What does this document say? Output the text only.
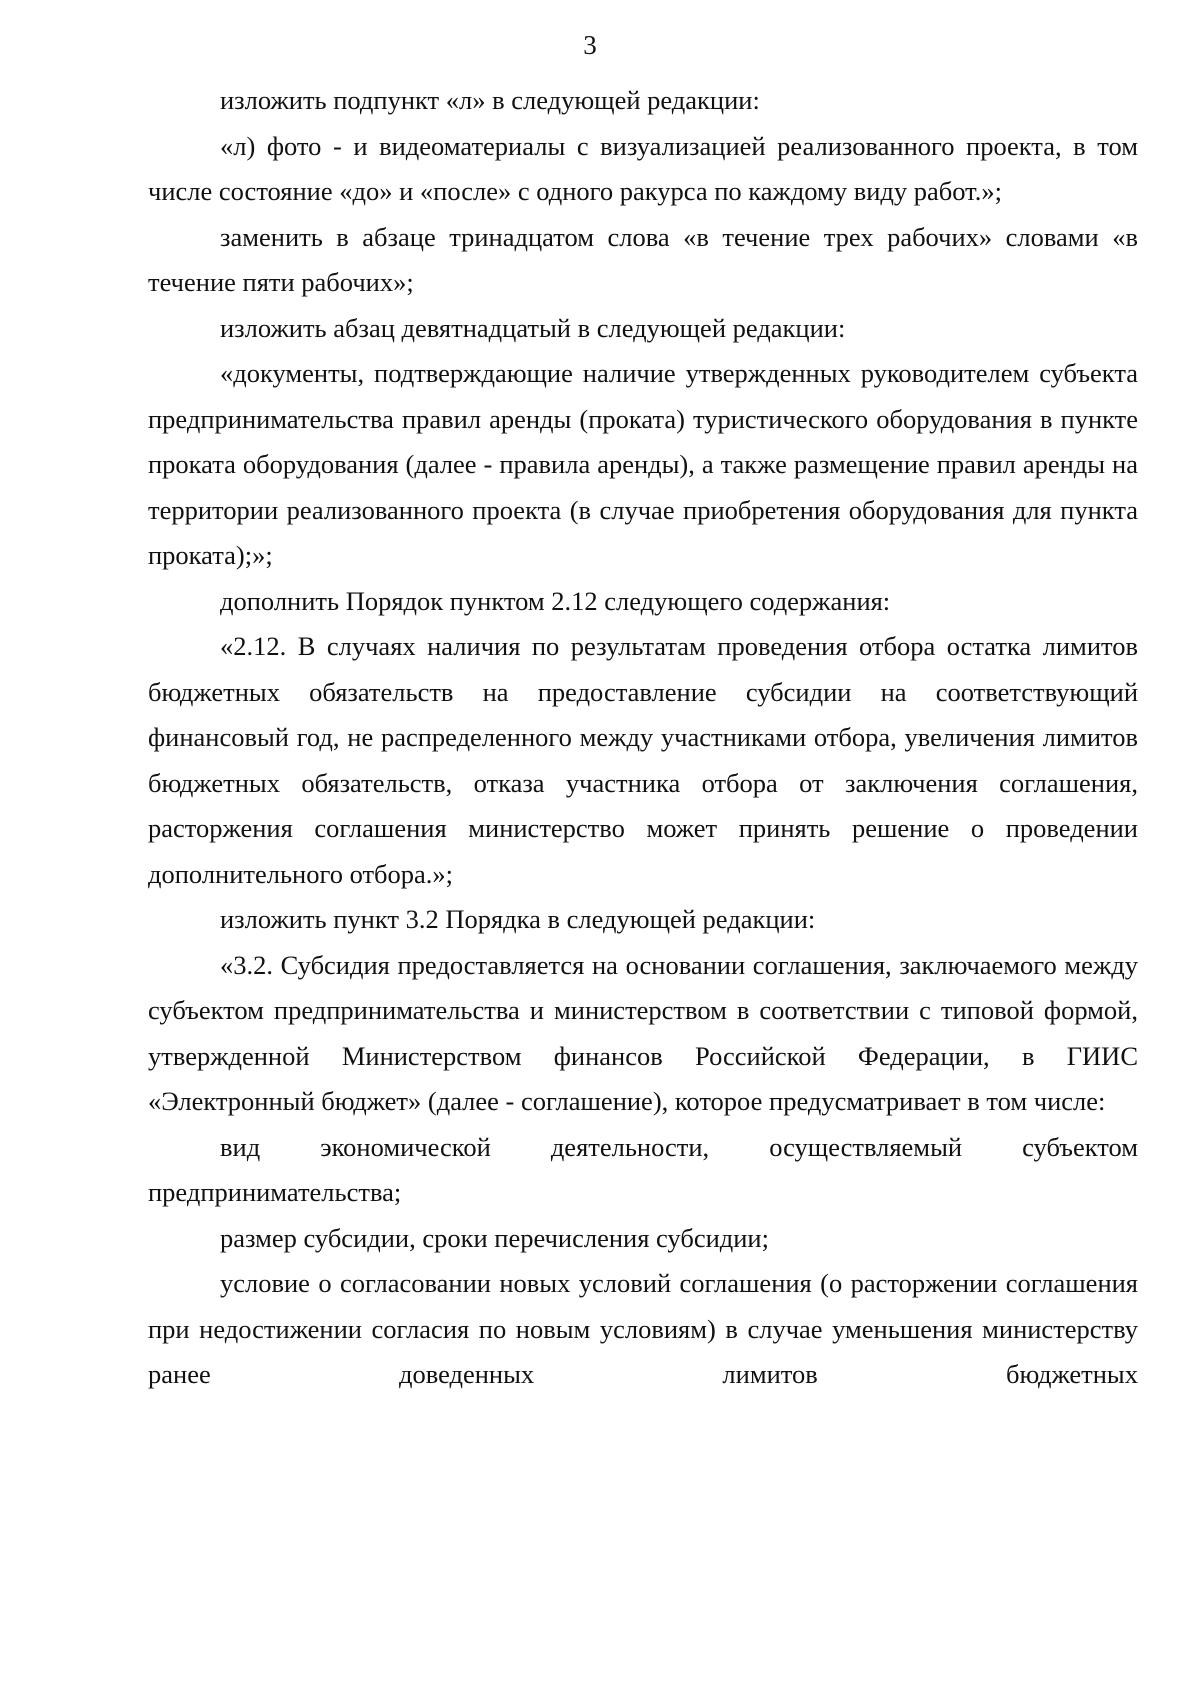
3

изложить подпункт «л» в следующей редакции:

«л) фото - и видеоматериалы с визуализацией реализованного проекта, в том числе состояние «до» и «после» с одного ракурса по каждому виду работ.»;

заменить в абзаце тринадцатом слова «в течение трех рабочих» словами «в течение пяти рабочих»;

изложить абзац девятнадцатый в следующей редакции:

«документы, подтверждающие наличие утвержденных руководителем субъекта предпринимательства правил аренды (проката) туристического оборудования в пункте проката оборудования (далее - правила аренды), а также размещение правил аренды на территории реализованного проекта (в случае приобретения оборудования для пункта проката);»;

дополнить Порядок пунктом 2.12 следующего содержания:

«2.12. В случаях наличия по результатам проведения отбора остатка лимитов бюджетных обязательств на предоставление субсидии на соответствующий финансовый год, не распределенного между участниками отбора, увеличения лимитов бюджетных обязательств, отказа участника отбора от заключения соглашения, расторжения соглашения министерство может принять решение о проведении дополнительного отбора.»;

изложить пункт 3.2 Порядка в следующей редакции:

«3.2. Субсидия предоставляется на основании соглашения, заключаемого между субъектом предпринимательства и министерством в соответствии с типовой формой, утвержденной Министерством финансов Российской Федерации, в ГИИС «Электронный бюджет» (далее - соглашение), которое предусматривает в том числе:

вид экономической деятельности, осуществляемый субъектом предпринимательства;

размер субсидии, сроки перечисления субсидии;

условие о согласовании новых условий соглашения (о расторжении соглашения при недостижении согласия по новым условиям) в случае уменьшения министерству ранее доведенных лимитов бюджетных
